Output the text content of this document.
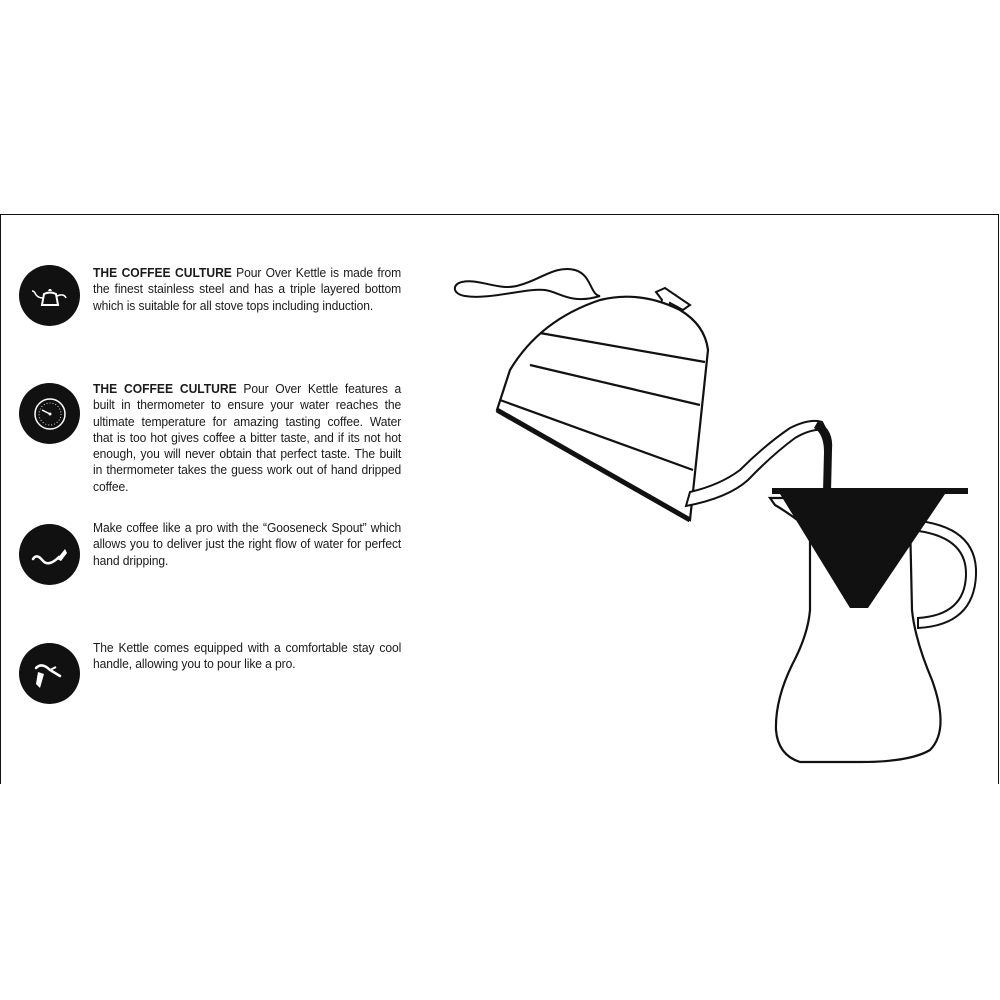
THE COFFEE CULTURE Pour Over Kettle is made from the finest stainless steel and has a triple layered bottom which is suitable for all stove tops including induction.
THE COFFEE CULTURE Pour Over Kettle features a built in thermometer to ensure your water reaches the ultimate temperature for amazing tasting coffee. Water that is too hot gives coffee a bitter taste, and if its not hot enough, you will never obtain that perfect taste. The built in thermometer takes the guess work out of hand dripped coffee.
Make coffee like a pro with the “Gooseneck Spout” which allows you to deliver just the right flow of water for perfect hand dripping.
The Kettle comes equipped with a comfortable stay cool handle, allowing you to pour like a pro.
